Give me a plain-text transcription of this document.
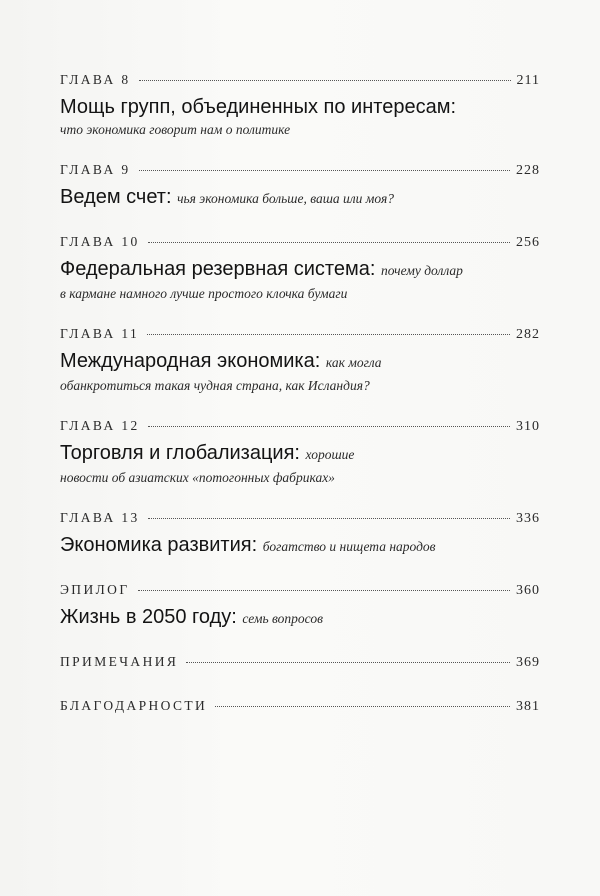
ГЛАВА 8	211
Мощь групп, объединенных по интересам:
что экономика говорит нам о политике
ГЛАВА 9	228
Ведем счет: чья экономика больше, ваша или моя?
ГЛАВА 10	256
Федеральная резервная система: почему доллар
в кармане намного лучше простого клочка бумаги
ГЛАВА 11	282
Международная экономика: как могла
обанкротиться такая чудная страна, как Исландия?
ГЛАВА 12	310
Торговля и глобализация: хорошие
новости об азиатских «потогонных фабриках»
ГЛАВА 13	336
Экономика развития: богатство и нищета народов
ЭПИЛОГ	360
Жизнь в 2050 году: семь вопросов
ПРИМЕЧАНИЯ	369
БЛАГОДАРНОСТИ	381
